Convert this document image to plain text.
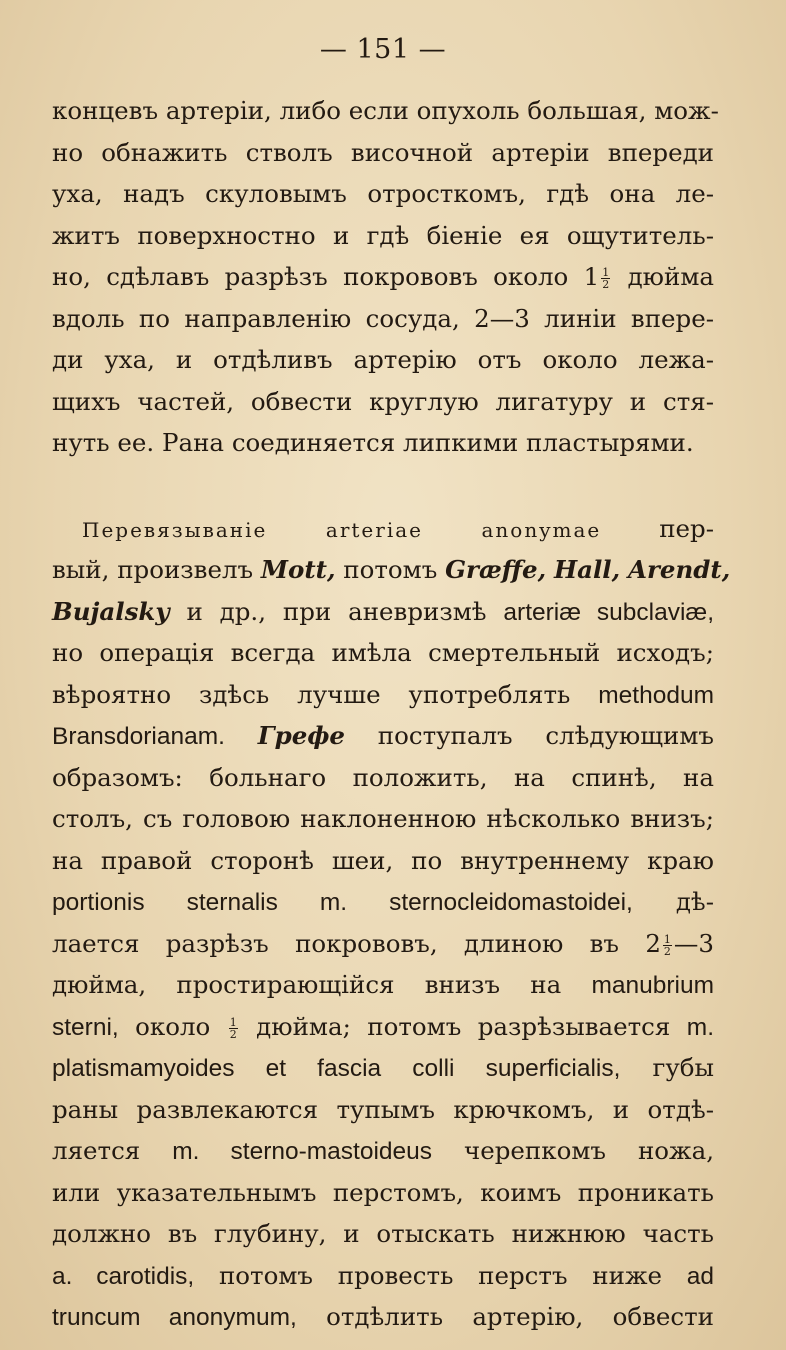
— 151 —
концевъ артерiи, либо если опухоль большая, мож-
но обнажить стволъ височной артерiи впереди
уха, надъ скуловымъ отросткомъ, гдѣ она ле-
житъ поверхностно и гдѣ бiенiе ея ощутитель-
но, сдѣлавъ разрѣзъ покрововъ около $1 \frac{1}{2}$ дюйма
вдоль по направленiю сосуда, 2—3 линiи впере-
ди уха, и отдѣливъ артерiю отъ около лежа-
щихъ частей, обвести круглую лигатуру и стя-
нуть ее. Рана соединяется липкими пластырями.
Перевязыванiе arteriae anonymae пер-
вый, произвелъ Mott, потомъ Græffe, Hall, Arendt,
Bujalsky и др., при аневризмѣ arteriæ subclaviæ,
но операцiя всегда имѣла смертельный исходъ;
вѣроятно здѣсь лучше употреблять methodum
Bransdorianam. Грефе поступалъ слѣдующимъ
образомъ: больнаго положить, на спинѣ, на
столъ, съ головою наклоненною нѣсколько внизъ;
на правой сторонѣ шеи, по внутреннему краю
portionis sternalis m. sternocleidomastoidei, дѣ-
лается разрѣзъ покрововъ, длиною въ $2 \frac{1}{2}$ —3
дюйма, простирающiйся внизъ на manubrium
sterni, около $\frac{1}{2}$ дюйма; потомъ разрѣзывается m.
platismamyoides et fascia colli superficialis, губы
раны развлекаются тупымъ крючкомъ, и отдѣ-
ляется m. sterno-mastoideus черепкомъ ножа,
или указательнымъ перстомъ, коимъ проникать
должно въ глубину, и отыскать нижнюю часть
a. carotidis, потомъ провесть перстъ ниже ad
truncum anonymum, отдѣлить артерiю, обвести
